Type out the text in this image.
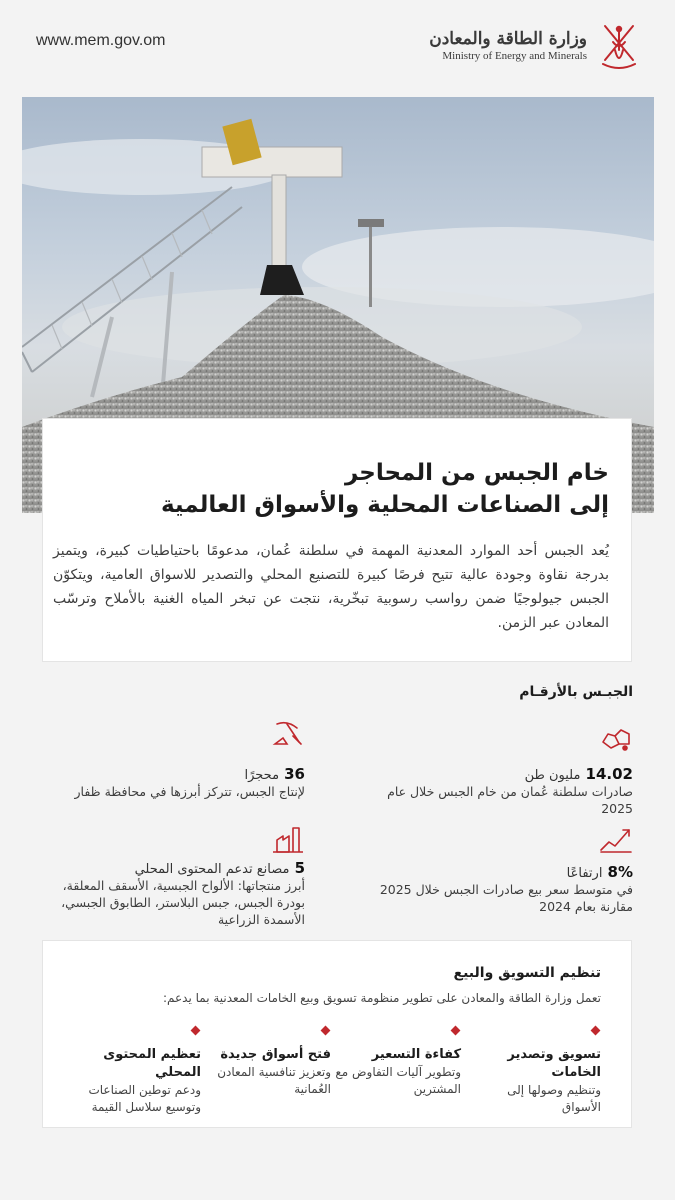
www.mem.gov.om	وزارة الطاقة والمعادن
Ministry of Energy and Minerals
خام الجبس من المحاجر
إلى الصناعات المحلية والأسواق العالمية
يُعد الجبس أحد الموارد المعدنية المهمة في سلطنة عُمان، مدعومًا باحتياطيات كبيرة، ويتميز بدرجة نقاوة وجودة عالية تتيح فرصًا كبيرة للتصنيع المحلي والتصدير للاسواق العامية، ويتكوّن الجبس جيولوجيًا ضمن رواسب رسوبية تبخّرية، نتجت عن تبخر المياه الغنية بالأملاح وترسّب المعادن عبر الزمن.
الجبـس بالأرقـام
14.02 مليون طن
صادرات سلطنة عُمان من خام الجبس خلال عام 2025
36 محجرًا
لإنتاج الجبس، تتركز أبرزها في محافظة ظفار
8% ارتفاعًا
في متوسط سعر بيع صادرات الجبس خلال 2025 مقارنة بعام 2024
5 مصانع تدعم المحتوى المحلي
أبرز منتجاتها: الألواح الجبسية، الأسقف المعلقة، بودرة الجبس، جبس البلاستر، الطابوق الجبسي، الأسمدة الزراعية
تنظيم التسويق والبيع
تعمل وزارة الطاقة والمعادن على تطوير منظومة تسويق وبيع الخامات المعدنية بما يدعم:
تسويق وتصدير الخامات
وتنظيم وصولها إلى الأسواق
كفاءة التسعير
وتطوير آليات التفاوض مع المشترين
فتح أسواق جديدة
وتعزيز تنافسية المعادن العُمانية
تعظيم المحتوى المحلي
ودعم توطين الصناعات وتوسيع سلاسل القيمة
